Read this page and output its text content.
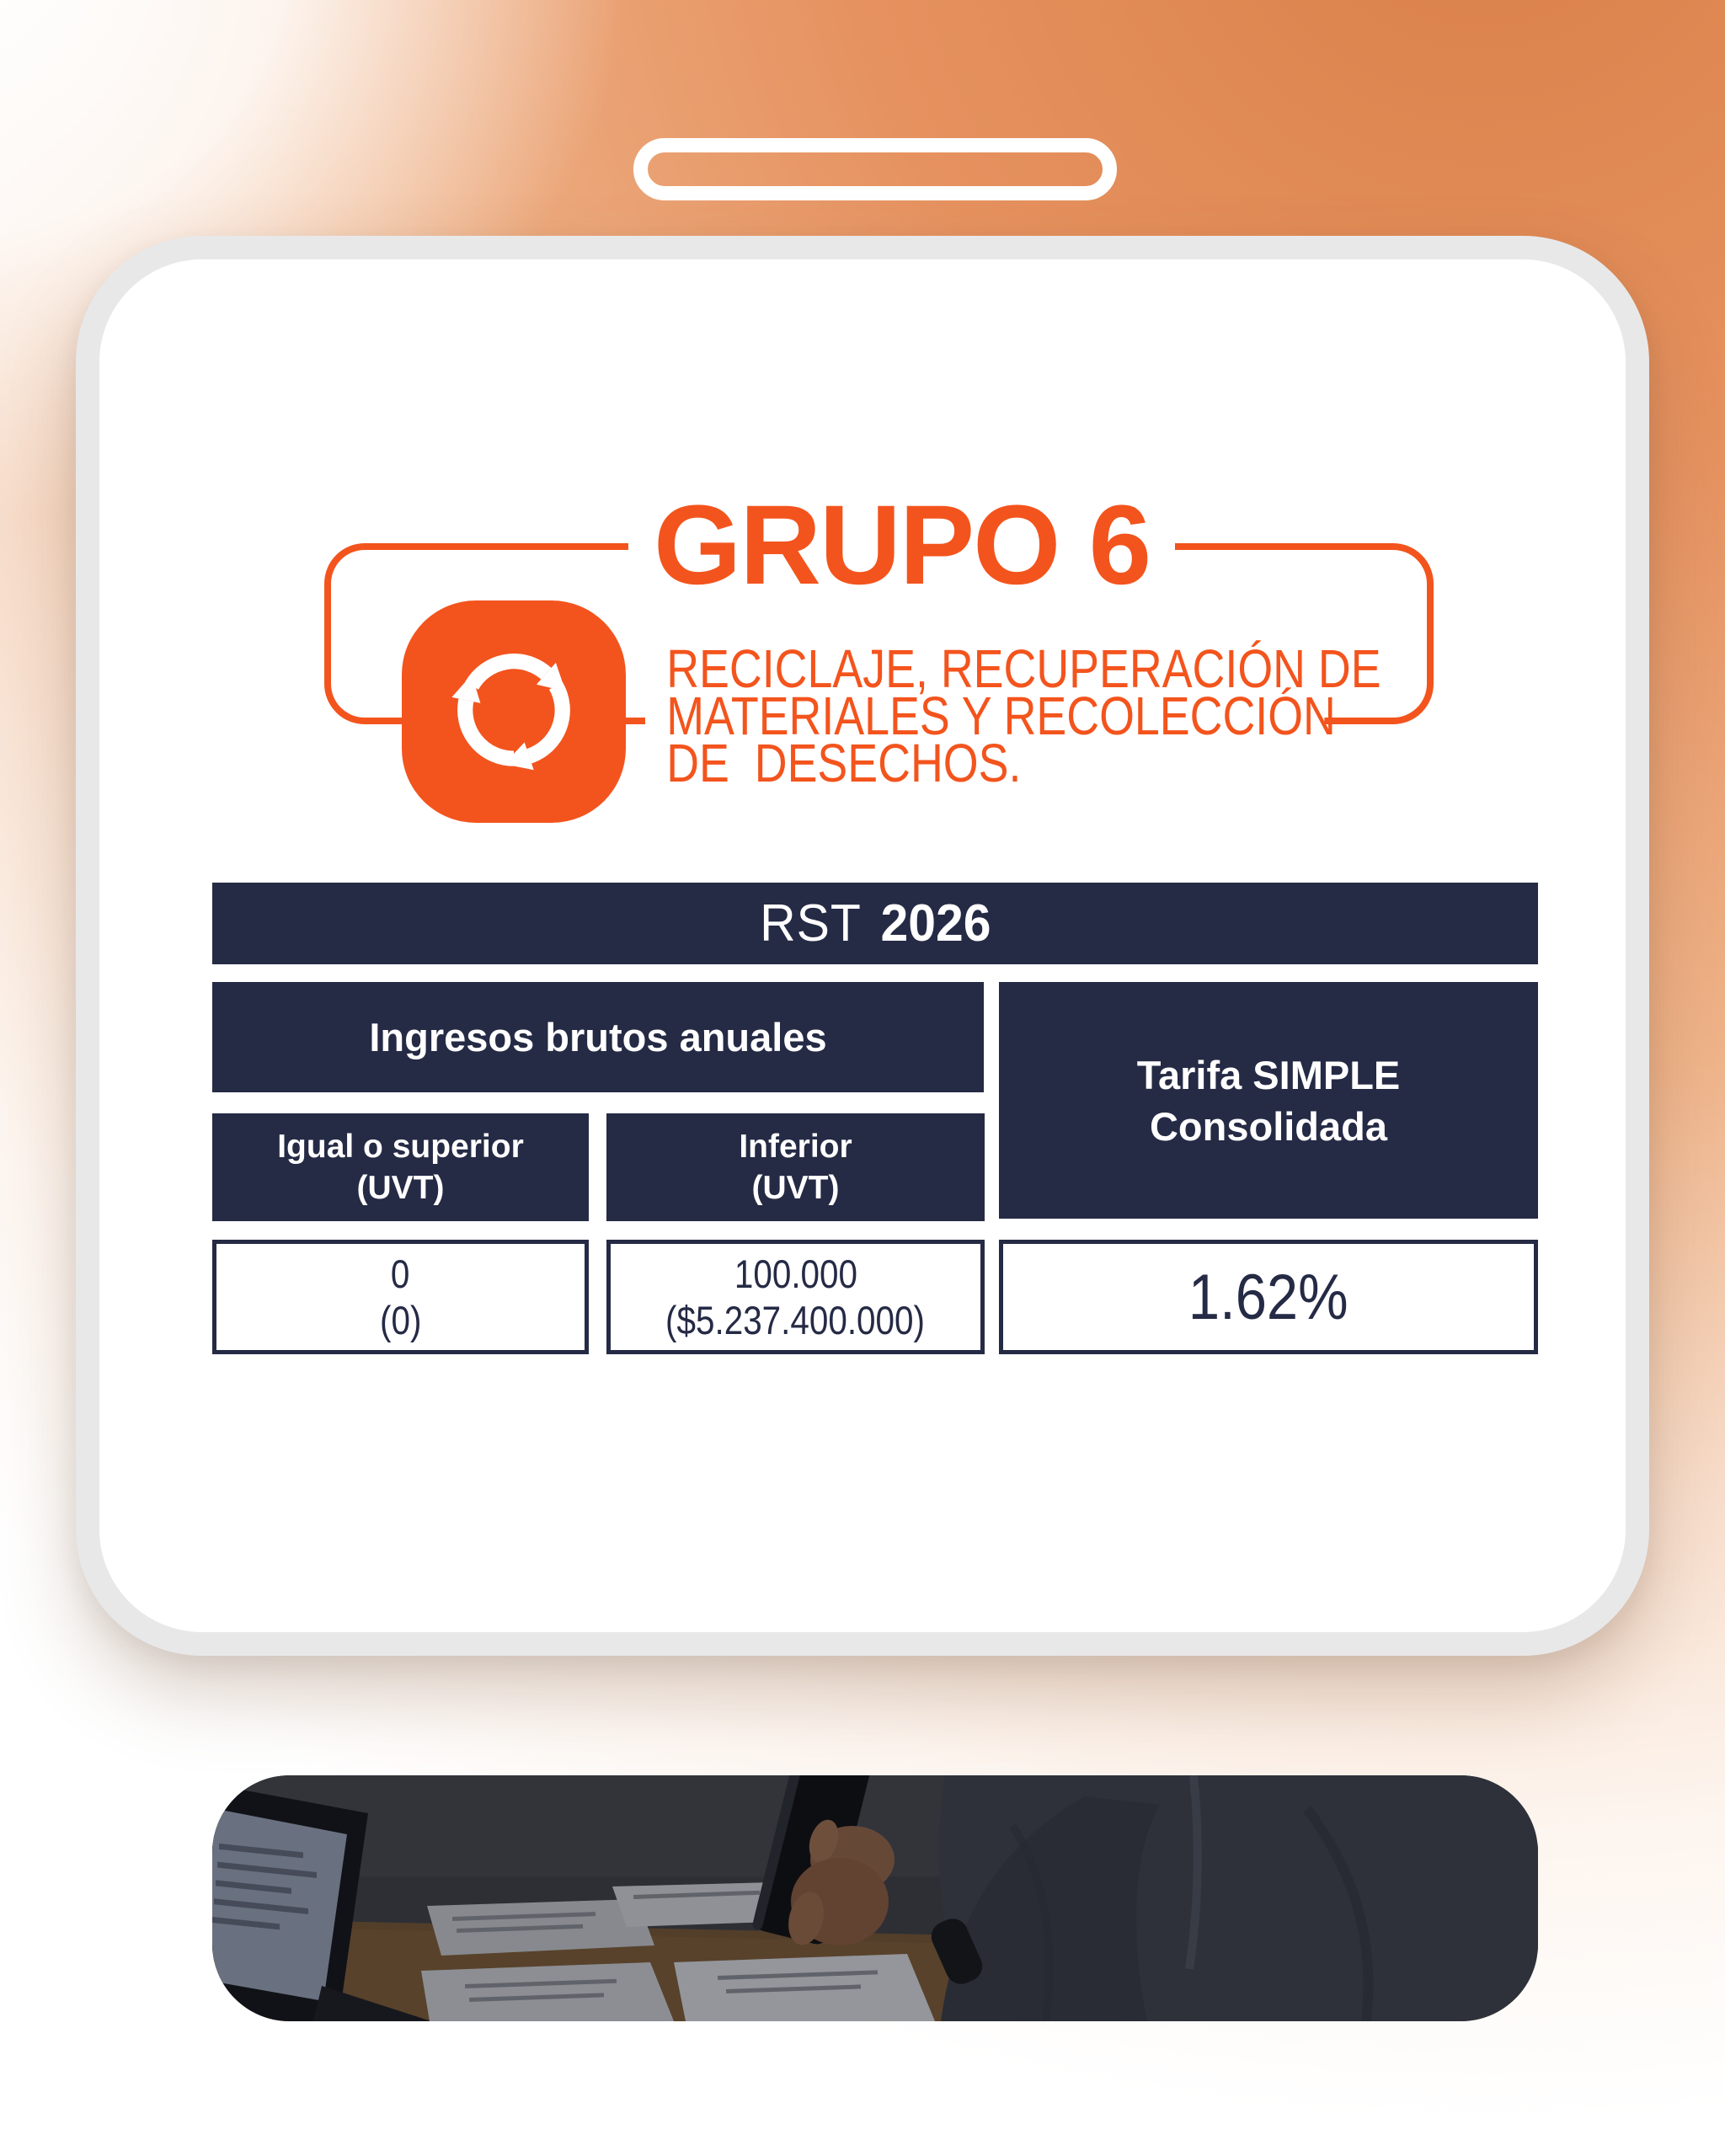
GRUPO 6
RECICLAJE, RECUPERACIÓN DE
MATERIALES Y RECOLECCIÓN
DE  DESECHOS.
RST 2026
Ingresos brutos anuales
Tarifa SIMPLE
Consolidada
Igual o superior
(UVT)
Inferior
(UVT)
0
(0)
100.000
($5.237.400.000)	1.62%
